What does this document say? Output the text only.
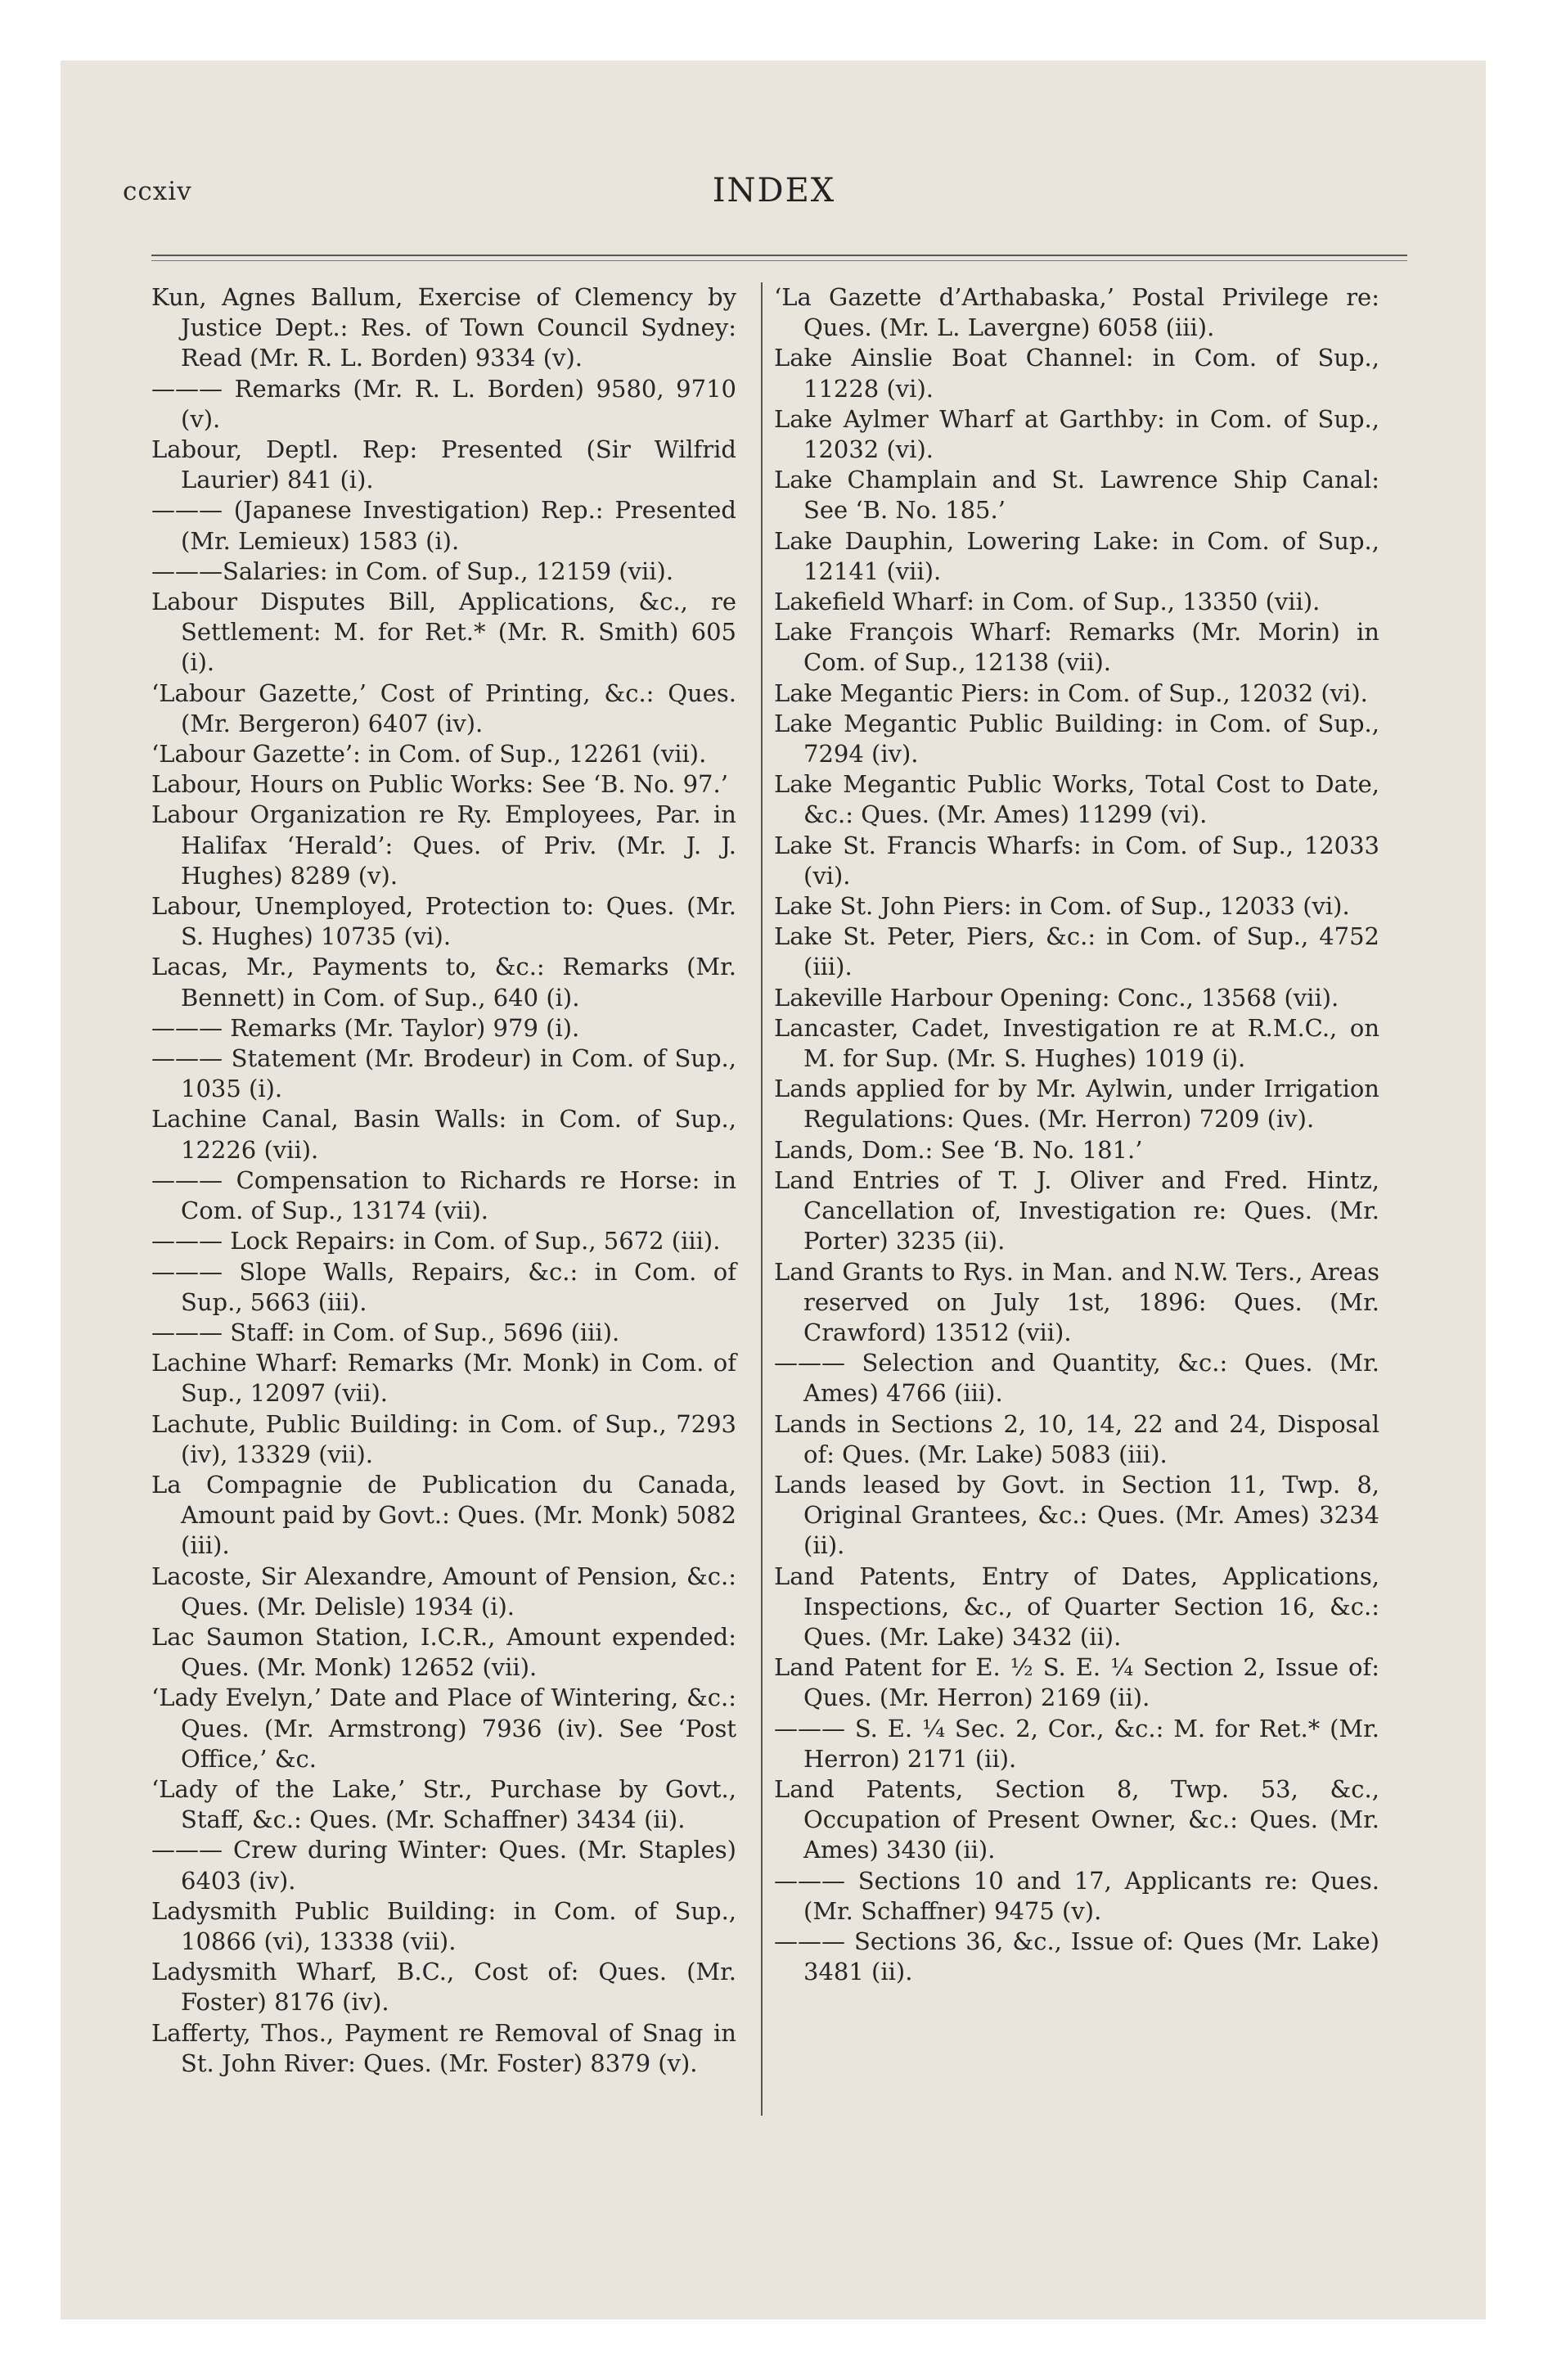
ccxiv	INDEX
Kun, Agnes Ballum, Exercise of Clemency by Justice Dept.: Res. of Town Council Sydney: Read (Mr. R. L. Borden) 9334 (v).
——— Remarks (Mr. R. L. Borden) 9580, 9710 (v).
Labour, Deptl. Rep: Presented (Sir Wilfrid Laurier) 841 (i).
——— (Japanese Investigation) Rep.: Presented (Mr. Lemieux) 1583 (i).
———Salaries: in Com. of Sup., 12159 (vii).
Labour Disputes Bill, Applications, &c., re Settlement: M. for Ret.* (Mr. R. Smith) 605 (i).
‘Labour Gazette,’ Cost of Printing, &c.: Ques. (Mr. Bergeron) 6407 (iv).
‘Labour Gazette’: in Com. of Sup., 12261 (vii).
Labour, Hours on Public Works: See ‘B. No. 97.’
Labour Organization re Ry. Employees, Par. in Halifax ‘Herald’: Ques. of Priv. (Mr. J. J. Hughes) 8289 (v).
Labour, Unemployed, Protection to: Ques. (Mr. S. Hughes) 10735 (vi).
Lacas, Mr., Payments to, &c.: Remarks (Mr. Bennett) in Com. of Sup., 640 (i).
——— Remarks (Mr. Taylor) 979 (i).
——— Statement (Mr. Brodeur) in Com. of Sup., 1035 (i).
Lachine Canal, Basin Walls: in Com. of Sup., 12226 (vii).
——— Compensation to Richards re Horse: in Com. of Sup., 13174 (vii).
——— Lock Repairs: in Com. of Sup., 5672 (iii).
——— Slope Walls, Repairs, &c.: in Com. of Sup., 5663 (iii).
——— Staff: in Com. of Sup., 5696 (iii).
Lachine Wharf: Remarks (Mr. Monk) in Com. of Sup., 12097 (vii).
Lachute, Public Building: in Com. of Sup., 7293 (iv), 13329 (vii).
La Compagnie de Publication du Canada, Amount paid by Govt.: Ques. (Mr. Monk) 5082 (iii).
Lacoste, Sir Alexandre, Amount of Pension, &c.: Ques. (Mr. Delisle) 1934 (i).
Lac Saumon Station, I.C.R., Amount expended: Ques. (Mr. Monk) 12652 (vii).
‘Lady Evelyn,’ Date and Place of Wintering, &c.: Ques. (Mr. Armstrong) 7936 (iv). See ‘Post Office,’ &c.
‘Lady of the Lake,’ Str., Purchase by Govt., Staff, &c.: Ques. (Mr. Schaffner) 3434 (ii).
——— Crew during Winter: Ques. (Mr. Staples) 6403 (iv).
Ladysmith Public Building: in Com. of Sup., 10866 (vi), 13338 (vii).
Ladysmith Wharf, B.C., Cost of: Ques. (Mr. Foster) 8176 (iv).
Lafferty, Thos., Payment re Removal of Snag in St. John River: Ques. (Mr. Foster) 8379 (v).
‘La Gazette d’Arthabaska,’ Postal Privilege re: Ques. (Mr. L. Lavergne) 6058 (iii).
Lake Ainslie Boat Channel: in Com. of Sup., 11228 (vi).
Lake Aylmer Wharf at Garthby: in Com. of Sup., 12032 (vi).
Lake Champlain and St. Lawrence Ship Canal: See ‘B. No. 185.’
Lake Dauphin, Lowering Lake: in Com. of Sup., 12141 (vii).
Lakefield Wharf: in Com. of Sup., 13350 (vii).
Lake François Wharf: Remarks (Mr. Morin) in Com. of Sup., 12138 (vii).
Lake Megantic Piers: in Com. of Sup., 12032 (vi).
Lake Megantic Public Building: in Com. of Sup., 7294 (iv).
Lake Megantic Public Works, Total Cost to Date, &c.: Ques. (Mr. Ames) 11299 (vi).
Lake St. Francis Wharfs: in Com. of Sup., 12033 (vi).
Lake St. John Piers: in Com. of Sup., 12033 (vi).
Lake St. Peter, Piers, &c.: in Com. of Sup., 4752 (iii).
Lakeville Harbour Opening: Conc., 13568 (vii).
Lancaster, Cadet, Investigation re at R.M.C., on M. for Sup. (Mr. S. Hughes) 1019 (i).
Lands applied for by Mr. Aylwin, under Irrigation Regulations: Ques. (Mr. Herron) 7209 (iv).
Lands, Dom.: See ‘B. No. 181.’
Land Entries of T. J. Oliver and Fred. Hintz, Cancellation of, Investigation re: Ques. (Mr. Porter) 3235 (ii).
Land Grants to Rys. in Man. and N.W. Ters., Areas reserved on July 1st, 1896: Ques. (Mr. Crawford) 13512 (vii).
——— Selection and Quantity, &c.: Ques. (Mr. Ames) 4766 (iii).
Lands in Sections 2, 10, 14, 22 and 24, Disposal of: Ques. (Mr. Lake) 5083 (iii).
Lands leased by Govt. in Section 11, Twp. 8, Original Grantees, &c.: Ques. (Mr. Ames) 3234 (ii).
Land Patents, Entry of Dates, Applications, Inspections, &c., of Quarter Section 16, &c.: Ques. (Mr. Lake) 3432 (ii).
Land Patent for E. ½ S. E. ¼ Section 2, Issue of: Ques. (Mr. Herron) 2169 (ii).
——— S. E. ¼ Sec. 2, Cor., &c.: M. for Ret.* (Mr. Herron) 2171 (ii).
Land Patents, Section 8, Twp. 53, &c., Occupation of Present Owner, &c.: Ques. (Mr. Ames) 3430 (ii).
——— Sections 10 and 17, Applicants re: Ques. (Mr. Schaffner) 9475 (v).
——— Sections 36, &c., Issue of: Ques (Mr. Lake) 3481 (ii).
